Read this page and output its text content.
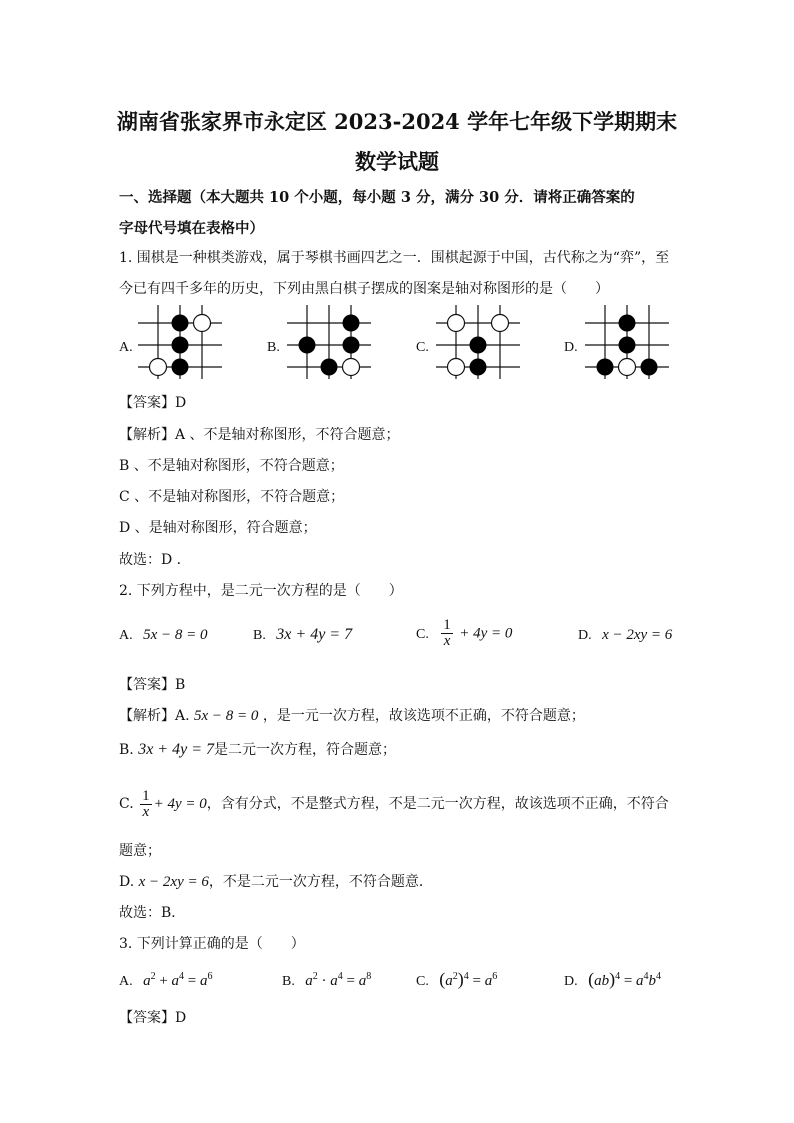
湖南省张家界市永定区 2023-2024 学年七年级下学期期末
数学试题
一、选择题（本大题共 10 个小题，每小题 3 分，满分 30 分．请将正确答案的
字母代号填在表格中）
1. 围棋是一种棋类游戏，属于琴棋书画四艺之一．围棋起源于中国，古代称之为“弈”，至
今已有四千多年的历史，下列由黑白棋子摆成的图案是轴对称图形的是（　　）
A.	B.	C.	D.
【答案】D
【解析】A 、不是轴对称图形，不符合题意；
B 、不是轴对称图形，不符合题意；
C 、不是轴对称图形，不符合题意；
D 、是轴对称图形，符合题意；
故选：D ．
2. 下列方程中，是二元一次方程的是（　　）
A. 5x − 8 = 0	B. 3x + 4y = 7	C. $\frac{1}{x} + 4y = 0$	D. x − 2xy = 6
【答案】B
【解析】A. 5x − 8 = 0 ，是一元一次方程，故该选项不正确，不符合题意；
B. 3x + 4y = 7是二元一次方程，符合题意；
C. $\frac{1}{x} + 4y = 0$，含有分式，不是整式方程，不是二元一次方程，故该选项不正确，不符合
题意；
D. x − 2xy = 6，不是二元一次方程，不符合题意．
故选：B．
3. 下列计算正确的是（　　）
A. $a^2 + a^4 = a^6$	B. $a^2 \cdot a^4 = a^8$	C. $(a^2)^4 = a^6$	D. $(ab)^4 = a^4b^4$
【答案】D
